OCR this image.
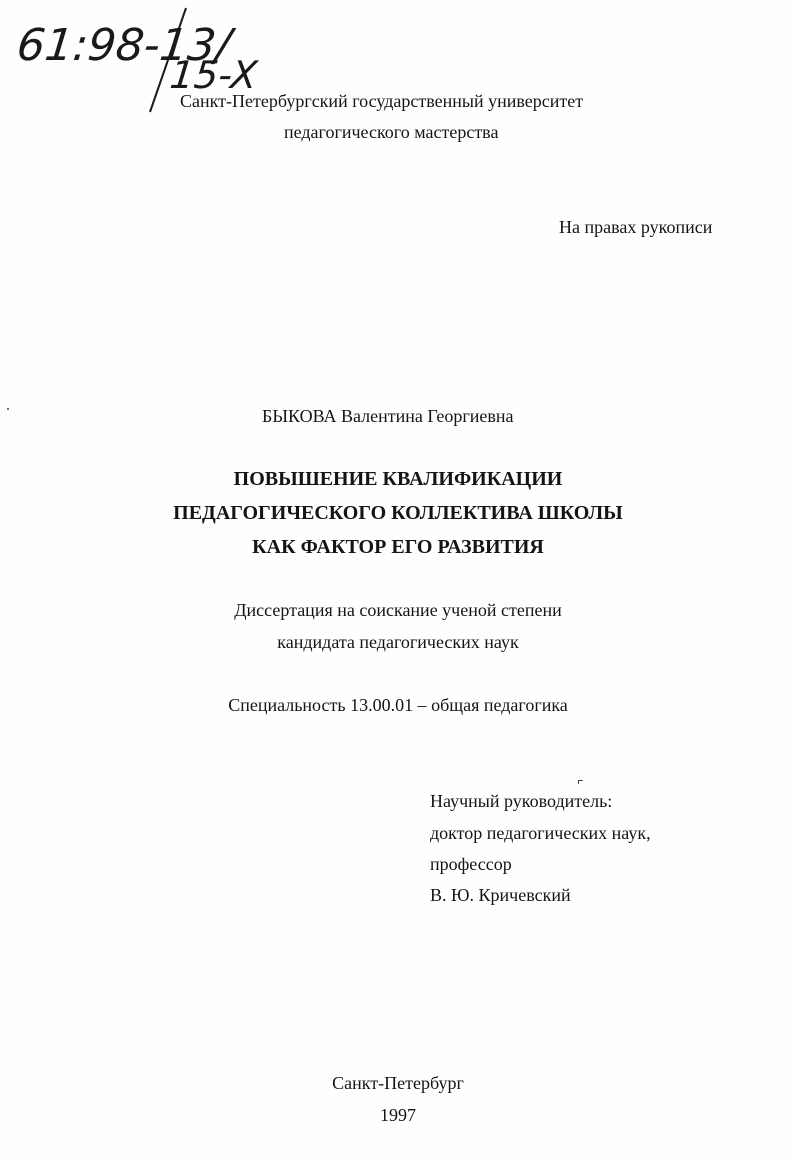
61:98-13/
15-X
Санкт-Петербургский государственный университет
педагогического мастерства
На правах рукописи
БЫКОВА Валентина Георгиевна
ПОВЫШЕНИЕ КВАЛИФИКАЦИИ
ПЕДАГОГИЧЕСКОГО КОЛЛЕКТИВА ШКОЛЫ
КАК ФАКТОР ЕГО РАЗВИТИЯ
Диссертация на соискание ученой степени
кандидата педагогических наук
Специальность 13.00.01 – общая педагогика
Научный руководитель:
доктор педагогических наук,
профессор
В. Ю. Кричевский
Санкт-Петербург
1997
